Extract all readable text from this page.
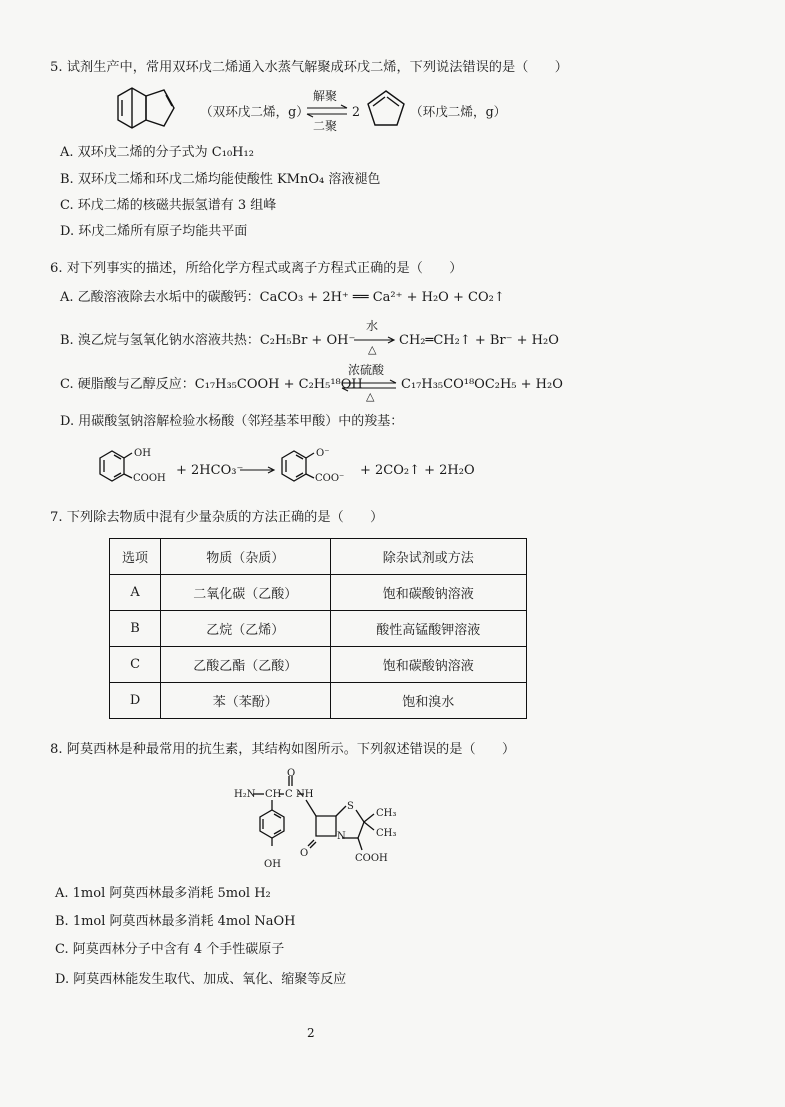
5. 试剂生产中，常用双环戊二烯通入水蒸气解聚成环戊二烯，下列说法错误的是（　　）
（双环戊二烯，g）
解聚
二聚
2	（环戊二烯，g）
A. 双环戊二烯的分子式为 C₁₀H₁₂
B. 双环戊二烯和环戊二烯均能使酸性 KMnO₄ 溶液褪色
C. 环戊二烯的核磁共振氢谱有 3 组峰
D. 环戊二烯所有原子均能共平面
6. 对下列事实的描述，所给化学方程式或离子方程式正确的是（　　）
A. 乙酸溶液除去水垢中的碳酸钙：CaCO₃ + 2H⁺ ══ Ca²⁺ + H₂O + CO₂↑
B. 溴乙烷与氢氧化钠水溶液共热：C₂H₅Br + OH⁻
水
△
CH₂═CH₂↑ + Br⁻ + H₂O
C. 硬脂酸与乙醇反应：C₁₇H₃₅COOH + C₂H₅¹⁸OH
浓硫酸
△
C₁₇H₃₅CO¹⁸OC₂H₅ + H₂O
D. 用碳酸氢钠溶解检验水杨酸（邻羟基苯甲酸）中的羧基：
OH
COOH
+ 2HCO₃⁻
O⁻
COO⁻
+ 2CO₂↑ + 2H₂O
7. 下列除去物质中混有少量杂质的方法正确的是（　　）
选项	物质（杂质）	除杂试剂或方法
A	二氧化碳（乙酸）	饱和碳酸钠溶液
B	乙烷（乙烯）	酸性高锰酸钾溶液
C	乙酸乙酯（乙酸）	饱和碳酸钠溶液
D	苯（苯酚）	饱和溴水
8. 阿莫西林是种最常用的抗生素，其结构如图所示。下列叙述错误的是（　　）
O
H₂N CH C NH
S
CH₃
CH₃
N
O	COOH
OH
A. 1mol 阿莫西林最多消耗 5mol H₂
B. 1mol 阿莫西林最多消耗 4mol NaOH
C. 阿莫西林分子中含有 4 个手性碳原子
D. 阿莫西林能发生取代、加成、氧化、缩聚等反应
2
